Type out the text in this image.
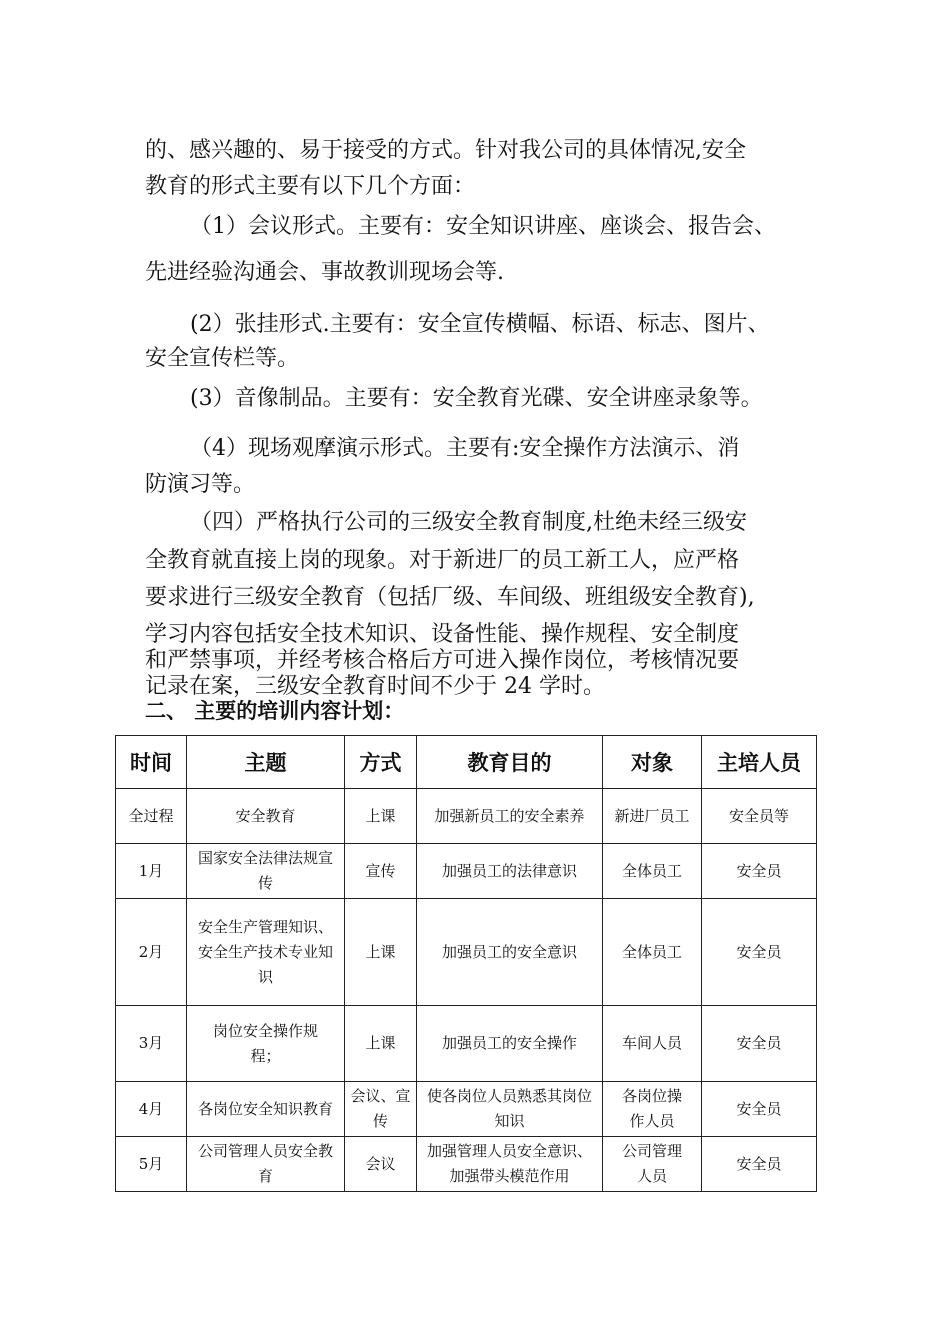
的、感兴趣的、易于接受的方式。针对我公司的具体情况,安全
教育的形式主要有以下几个方面：
（1）会议形式。主要有：安全知识讲座、座谈会、报告会、
先进经验沟通会、事故教训现场会等.
(2）张挂形式.主要有：安全宣传横幅、标语、标志、图片、
安全宣传栏等。
(3）音像制品。主要有：安全教育光碟、安全讲座录象等。
（4）现场观摩演示形式。主要有:安全操作方法演示、消
防演习等。
（四）严格执行公司的三级安全教育制度,杜绝未经三级安
全教育就直接上岗的现象。对于新进厂的员工新工人，应严格
要求进行三级安全教育（包括厂级、车间级、班组级安全教育),
学习内容包括安全技术知识、设备性能、操作规程、安全制度
和严禁事项，并经考核合格后方可进入操作岗位，考核情况要
记录在案，三级安全教育时间不少于 24 学时。
二、 主要的培训内容计划：
时间	主题	方式	教育目的	对象	主培人员
全过程	安全教育	上课	加强新员工的安全素养	新进厂员工	安全员等
1月	国家安全法律法规宣传	宣传	加强员工的法律意识	全体员工	安全员
2月	安全生产管理知识、安全生产技术专业知识	上课	加强员工的安全意识	全体员工	安全员
3月	岗位安全操作规程；	上课	加强员工的安全操作	车间人员	安全员
4月	各岗位安全知识教育	会议、宣传	使各岗位人员熟悉其岗位知识	各岗位操作人员	安全员
5月	公司管理人员安全教育	会议	加强管理人员安全意识、加强带头模范作用	公司管理人员	安全员
